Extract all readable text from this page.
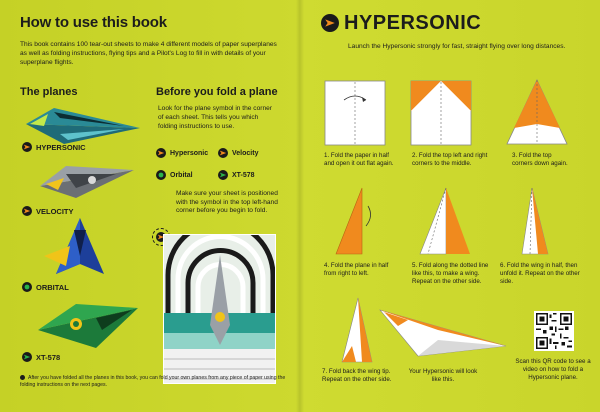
How to use this book

This book contains 100 tear-out sheets to make 4 different models of paper superplanes as well as folding instructions, flying tips and a Pilot's Log to fill in with details of your superplane flights.

The planes	Before you fold a plane
HYPERSONIC
VELOCITY
ORBITAL
XT-578

Look for the plane symbol in the corner of each sheet. This tells you which folding instructions to use.

Hypersonic	Velocity
Orbital	XT-578

Make sure your sheet is positioned with the symbol in the top left-hand corner before you begin to fold.

After you have folded all the planes in this book, you can fold your own planes from any piece of paper using the folding instructions on the next pages.

HYPERSONIC

Launch the Hypersonic strongly for fast, straight flying over long distances.

1. Fold the paper in half and open it out flat again.

2. Fold the top left and right corners to the middle.

3. Fold the top corners down again.

4. Fold the plane in half from right to left.

5. Fold along the dotted line like this, to make a wing. Repeat on the other side.

6. Fold the wing in half, then unfold it. Repeat on the other side.

7. Fold back the wing tip. Repeat on the other side.

Your Hypersonic will look like this.

Scan this QR code to see a video on how to fold a Hypersonic plane.
